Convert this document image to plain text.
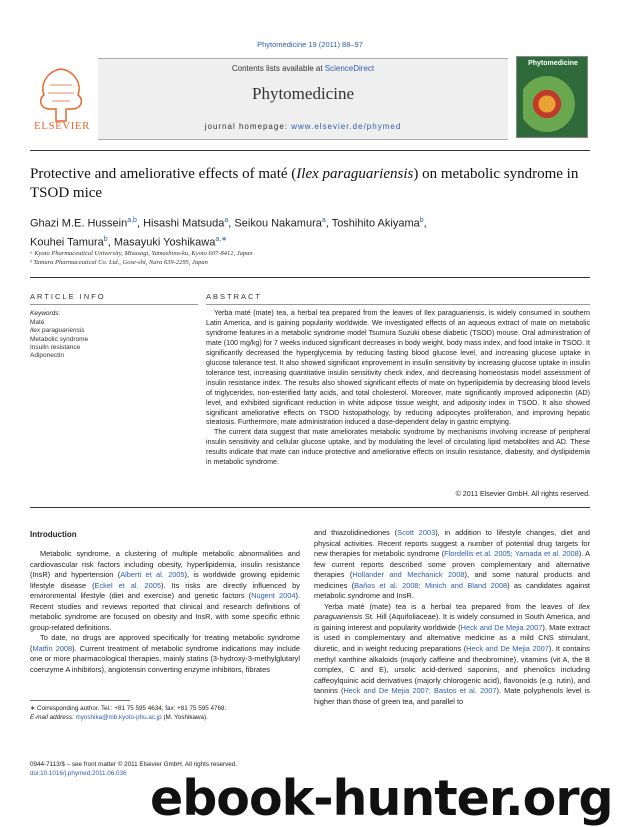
Phytomedicine 19 (2011) 88–97
Contents lists available at ScienceDirect
Phytomedicine
journal homepage: www.elsevier.de/phymed
ELSEVIER
Phytomedicine
Protective and ameliorative effects of maté (Ilex paraguariensis) on metabolic syndrome in TSOD mice
Ghazi M.E. Hussein$^{a,b}$, Hisashi Matsuda$^a$, Seikou Nakamura$^a$, Toshihito Akiyama$^b$,
Kouhei Tamura$^b$, Masayuki Yoshikawa$^{a,∗}$
ᵃ Kyoto Pharmaceutical University, Misasagi, Yamashina-ku, Kyoto 607-8412, Japan
ᵇ Tamura Pharmaceutical Co. Ltd., Gose-shi, Nara 639-2295, Japan
ARTICLE INFO
Keywords:
Maté
Ilex paraguariensis
Metabolic syndrome
Insulin resistance
Adiponectin
ABSTRACT

Yerba maté (mate) tea, a herbal tea prepared from the leaves of Ilex paraguariensis, is widely consumed in southern Latin America, and is gaining popularity worldwide. We investigated effects of an aqueous extract of mate on metabolic syndrome features in a metabolic syndrome model Tsumura Suzuki obese diabetic (TSOD) mouse. Oral administration of mate (100 mg/kg) for 7 weeks induced significant decreases in body weight, body mass index, and food intake in TSOD. It significantly decreased the hyperglycemia by reducing fasting blood glucose level, and increasing glucose uptake in glucose tolerance test. It also showed significant improvement in insulin sensitivity by increasing glucose uptake in insulin tolerance test, increasing quantitative insulin sensitivity check index, and decreasing homeostasis model assessment of insulin resistance index. The results also showed significant effects of mate on hyperlipidemia by decreasing blood levels of triglycerides, non-esterified fatty acids, and total cholesterol. Moreover, mate significantly improved adiponectin (AD) level, and exhibited significant reduction in white adipose tissue weight, and adiposity index in TSOD. It also showed significant ameliorative effects on TSOD histopathology, by reducing adipocytes proliferation, and improving hepatic steatosis. Furthermore, mate administration induced a dose-dependent delay in gastric emptying.

The current data suggest that mate ameliorates metabolic syndrome by mechanisms involving increase of peripheral insulin sensitivity and cellular glucose uptake, and by modulating the level of circulating lipid metabolites and AD. These results indicate that mate can induce protective and ameliorative effects on insulin resistance, diabesity, and dyslipidemia in metabolic syndrome.

© 2011 Elsevier GmbH. All rights reserved.
Introduction

Metabolic syndrome, a clustering of multiple metabolic abnormalities and cardiovascular risk factors including obesity, hyperlipidemia, insulin resistance (InsR) and hypertension (Alberti et al. 2005), is worldwide growing epidemic lifestyle disease (Eckel et al. 2005). Its risks are directly influenced by environmental lifestyle (diet and exercise) and genetic factors (Nugent 2004). Recent studies and reviews reported that clinical and research definitions of metabolic syndrome are focused on obesity and InsR, with some specific ethnic group-related definitions.

To date, no drugs are approved specifically for treating metabolic syndrome (Matfin 2008). Current treatment of metabolic syndrome indications may include one or more pharmacological therapies, mainly statins (3-hydroxy-3-methylglutaryl coenzyme A inhibitors), angiotensin converting enzyme inhibitors, fibrates

and thiazolidinediones (Scott 2003), in addition to lifestyle changes, diet and physical activities. Recent reports suggest a number of potential drug targets for new therapies for metabolic syndrome (Flordellis et al. 2005; Yamada et al. 2008). A few current reports described some proven complementary and alternative therapies (Hollander and Mechanick 2008), and some natural products and medicines (Baños et al. 2008; Minich and Bland 2008) as candidates against metabolic syndrome and InsR.

Yerba maté (mate) tea is a herbal tea prepared from the leaves of Ilex paraguariensis St. Hill (Aquifoliaceae). It is widely consumed in South America, and is gaining interest and popularity worldwide (Heck and De Mejia 2007). Mate extract is used in complementary and alternative medicine as a mild CNS stimulant, diuretic, and in weight reducing preparations (Heck and De Mejia 2007). It contains methyl xanthine alkaloids (majorly caffeine and theobromine), vitamins (vit A, the B complex, C and E), ursolic acid-derived saponins, and phenolics including caffeoylquinic acid derivatives (majorly chlorogenic acid), flavonoids (e.g. rutin), and tannins (Heck and De Mejia 2007; Bastos et al. 2007). Mate polyphenols level is higher than those of green tea, and parallel to

∗ Corresponding author. Tel.: +81 75 595 4634; fax: +81 75 595 4768.
E-mail address: myoshika@mb.kyoto-phu.ac.jp (M. Yoshikawa).
0944-7113/$ – see front matter © 2011 Elsevier GmbH. All rights reserved.
doi:10.1016/j.phymed.2011.06.036 ebook-hunter.org
